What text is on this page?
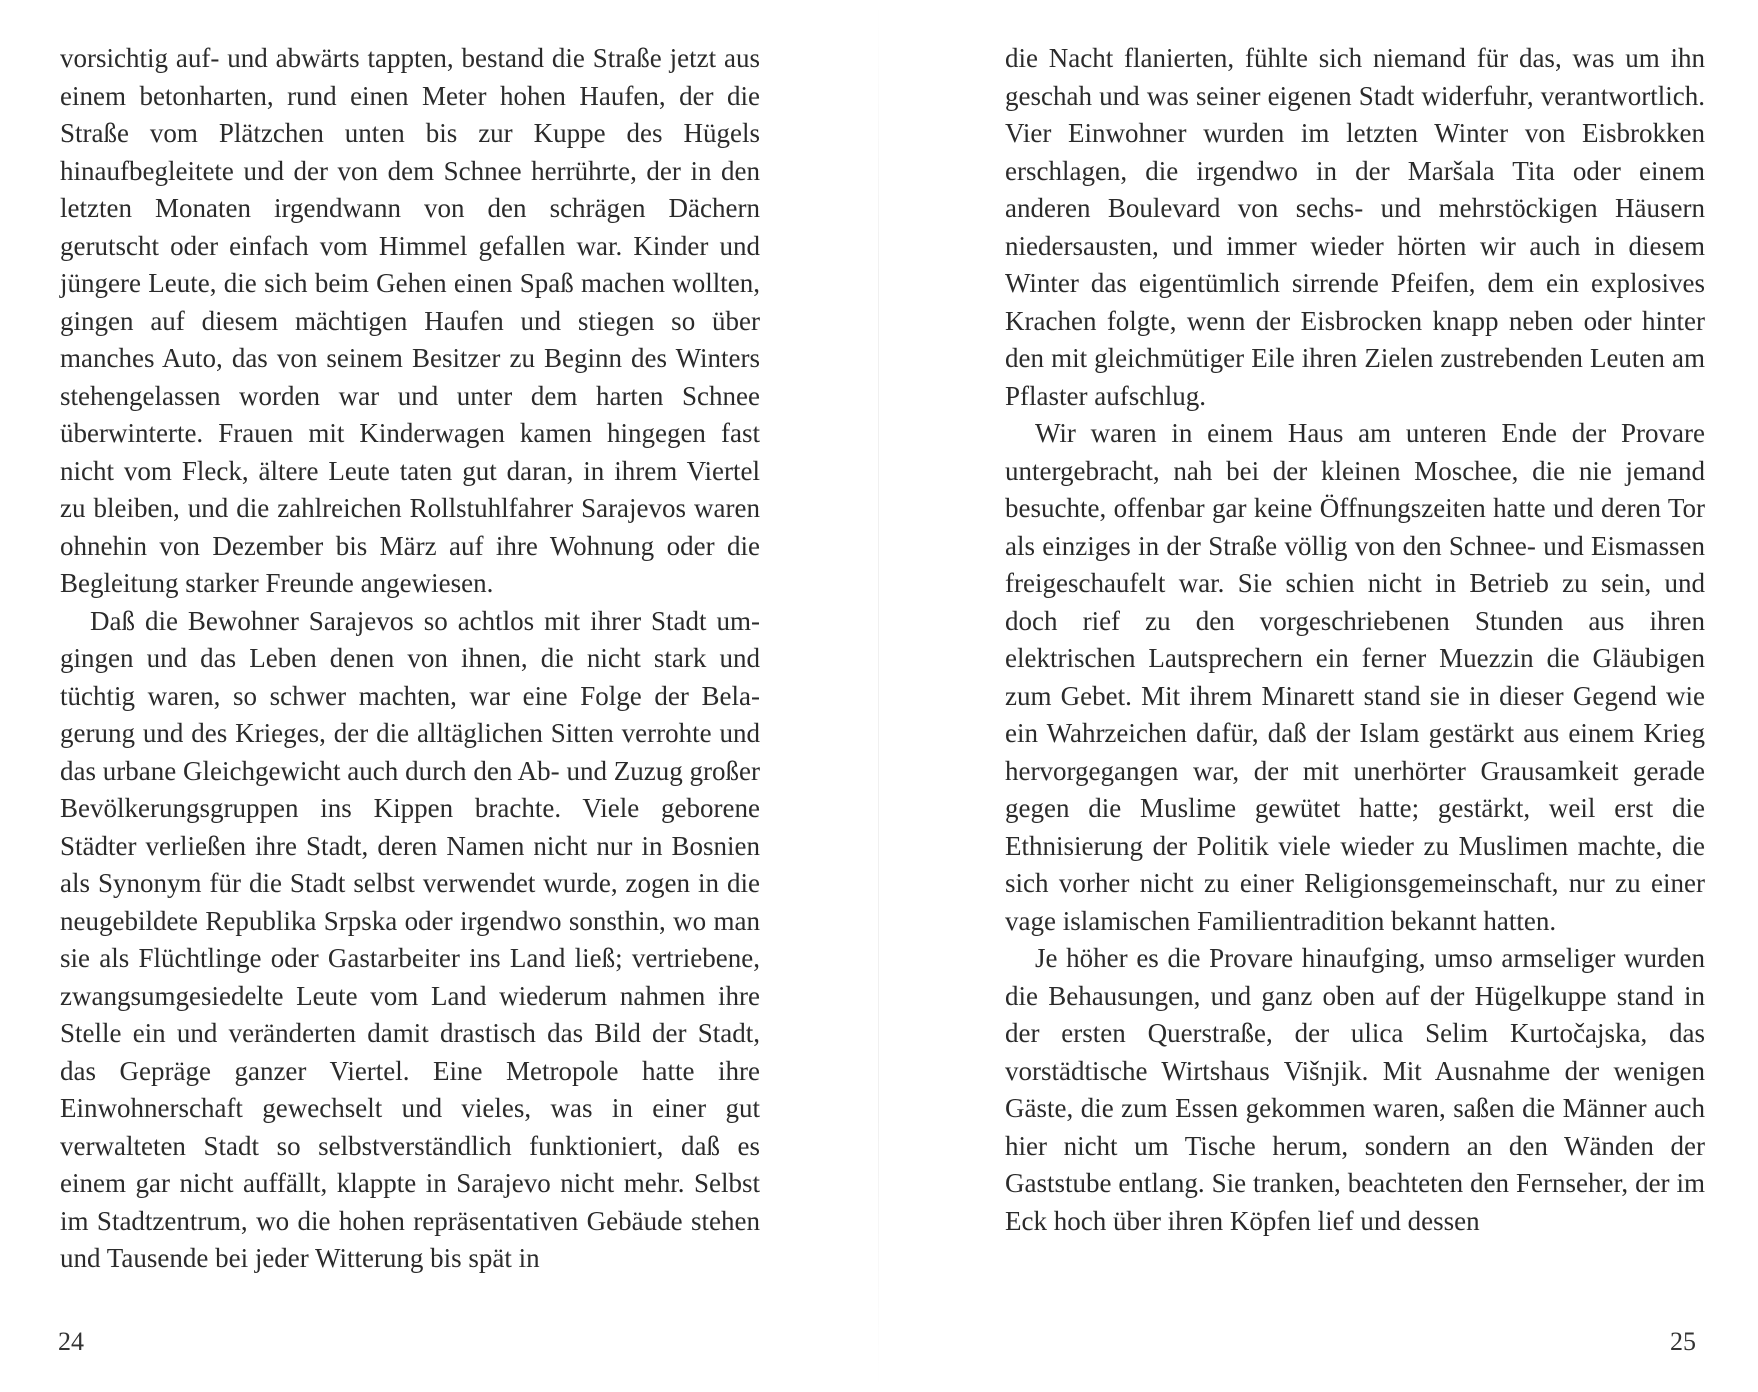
vorsichtig auf- und abwärts tappten, bestand die Straße jetzt aus einem betonharten, rund einen Meter hohen Haufen, der die Straße vom Plätzchen unten bis zur Kuppe des Hügels hinaufbegleitete und der von dem Schnee herrührte, der in den letzten Monaten irgendwann von den schrägen Dächern gerutscht oder einfach vom Himmel gefallen war. Kinder und jüngere Leute, die sich beim Gehen einen Spaß machen wollten, gingen auf diesem mächtigen Haufen und stiegen so über manches Auto, das von seinem Besitzer zu Beginn des Winters stehengelassen worden war und unter dem harten Schnee überwinterte. Frauen mit Kinderwagen kamen hingegen fast nicht vom Fleck, ältere Leute taten gut daran, in ihrem Viertel zu bleiben, und die zahlreichen Rollstuhlfahrer Sarajevos waren ohnehin von Dezember bis März auf ihre Wohnung oder die Begleitung starker Freunde angewiesen.

Daß die Bewohner Sarajevos so achtlos mit ihrer Stadt umgingen und das Leben denen von ihnen, die nicht stark und tüchtig waren, so schwer machten, war eine Folge der Belagerung und des Krieges, der die alltäglichen Sitten verrohte und das urbane Gleichgewicht auch durch den Ab- und Zuzug großer Bevölkerungsgruppen ins Kippen brachte. Viele geborene Städter verließen ihre Stadt, deren Namen nicht nur in Bosnien als Synonym für die Stadt selbst verwendet wurde, zogen in die neugebildete Republika Srpska oder irgendwo sonsthin, wo man sie als Flüchtlinge oder Gastarbeiter ins Land ließ; vertriebene, zwangsumgesiedelte Leute vom Land wiederum nahmen ihre Stelle ein und veränderten damit drastisch das Bild der Stadt, das Gepräge ganzer Viertel. Eine Metropole hatte ihre Einwohnerschaft gewechselt und vieles, was in einer gut verwalteten Stadt so selbstverständlich funktioniert, daß es einem gar nicht auffällt, klappte in Sarajevo nicht mehr. Selbst im Stadtzentrum, wo die hohen repräsentativen Gebäude stehen und Tausende bei jeder Witterung bis spät in

24

die Nacht flanierten, fühlte sich niemand für das, was um ihn geschah und was seiner eigenen Stadt widerfuhr, verantwortlich. Vier Einwohner wurden im letzten Winter von Eisbrokken erschlagen, die irgendwo in der Maršala Tita oder einem anderen Boulevard von sechs- und mehrstöckigen Häusern niedersausten, und immer wieder hörten wir auch in diesem Winter das eigentümlich sirrende Pfeifen, dem ein explosives Krachen folgte, wenn der Eisbrocken knapp neben oder hinter den mit gleichmütiger Eile ihren Zielen zustrebenden Leuten am Pflaster aufschlug.

Wir waren in einem Haus am unteren Ende der Provare untergebracht, nah bei der kleinen Moschee, die nie jemand besuchte, offenbar gar keine Öffnungszeiten hatte und deren Tor als einziges in der Straße völlig von den Schnee- und Eismassen freigeschaufelt war. Sie schien nicht in Betrieb zu sein, und doch rief zu den vorgeschriebenen Stunden aus ihren elektrischen Lautsprechern ein ferner Muezzin die Gläubigen zum Gebet. Mit ihrem Minarett stand sie in dieser Gegend wie ein Wahrzeichen dafür, daß der Islam gestärkt aus einem Krieg hervorgegangen war, der mit unerhörter Grausamkeit gerade gegen die Muslime gewütet hatte; gestärkt, weil erst die Ethnisierung der Politik viele wieder zu Muslimen machte, die sich vorher nicht zu einer Religionsgemeinschaft, nur zu einer vage islamischen Familientradition bekannt hatten.

Je höher es die Provare hinaufging, umso armseliger wurden die Behausungen, und ganz oben auf der Hügelkuppe stand in der ersten Querstraße, der ulica Selim Kurtočajska, das vorstädtische Wirtshaus Višnjik. Mit Ausnahme der wenigen Gäste, die zum Essen gekommen waren, saßen die Männer auch hier nicht um Tische herum, sondern an den Wänden der Gaststube entlang. Sie tranken, beachteten den Fernseher, der im Eck hoch über ihren Köpfen lief und dessen

25
